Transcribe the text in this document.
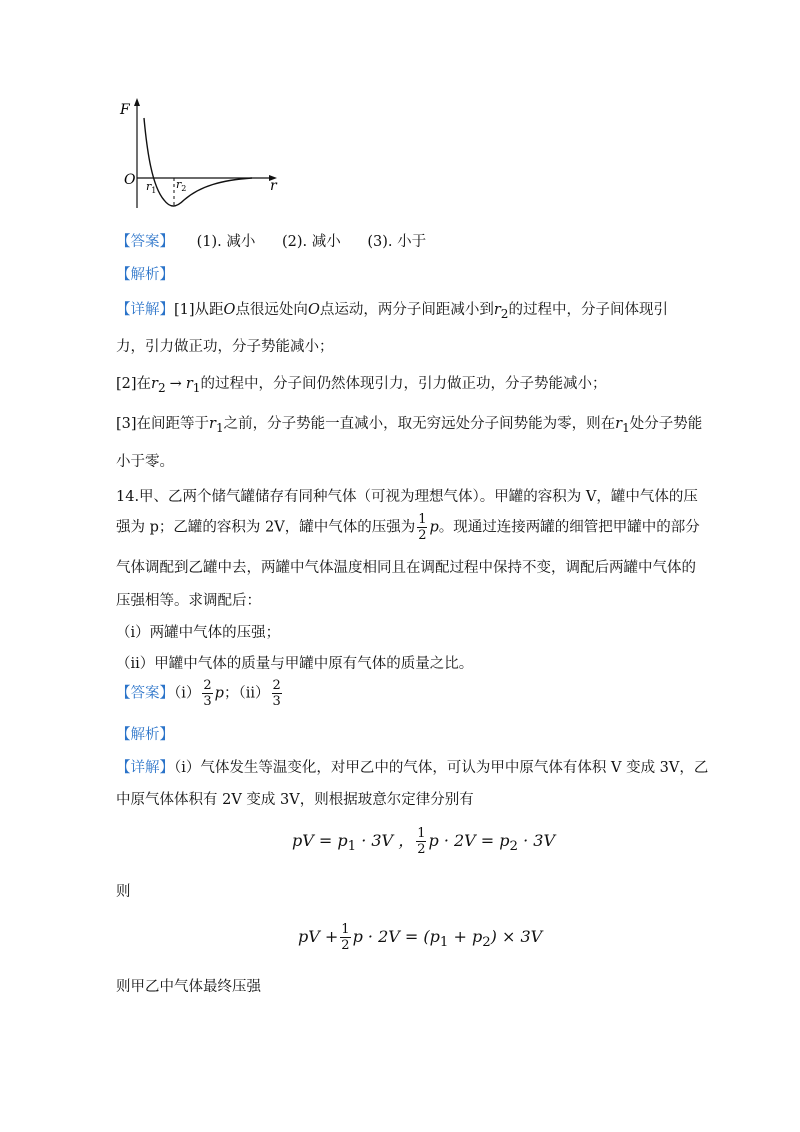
F
O	r
$r_1$ $r_2$
【答案】 (1). 减小 (2). 减小 (3). 小于
【解析】
【详解】[1]从距O点很远处向O点运动，两分子间距减小到$r_2$的过程中，分子间体现引
力，引力做正功，分子势能减小；
[2]在$r_2 \to r_1$的过程中，分子间仍然体现引力，引力做正功，分子势能减小；
[3]在间距等于$r_1$之前，分子势能一直减小，取无穷远处分子间势能为零，则在$r_1$处分子势能
小于零。
14.甲、乙两个储气罐储存有同种气体（可视为理想气体）。甲罐的容积为 V，罐中气体的压
强为 p；乙罐的容积为 2V，罐中气体的压强为 $\frac{1}{2}$ p。现通过连接两罐的细管把甲罐中的部分
气体调配到乙罐中去，两罐中气体温度相同且在调配过程中保持不变，调配后两罐中气体的
压强相等。求调配后：
（i）两罐中气体的压强；
（ii）甲罐中气体的质量与甲罐中原有气体的质量之比。
【答案】$(i) \frac{2}{3}$ p；$(ii) \frac{2}{3}$
【解析】
【详解】（i）气体发生等温变化，对甲乙中的气体，可认为甲中原气体有体积 V 变成 3V，乙
中原气体体积有 2V 变成 3V，则根据玻意尔定律分别有
pV = $p_1 \cdot 3V$ ， $\frac{1}{2}$ $p \cdot 2V = p_2 \cdot 3V$
则
pV + $\frac{1}{2}$ $p \cdot 2V = (p_1 + p_2) \times 3V$
则甲乙中气体最终压强
